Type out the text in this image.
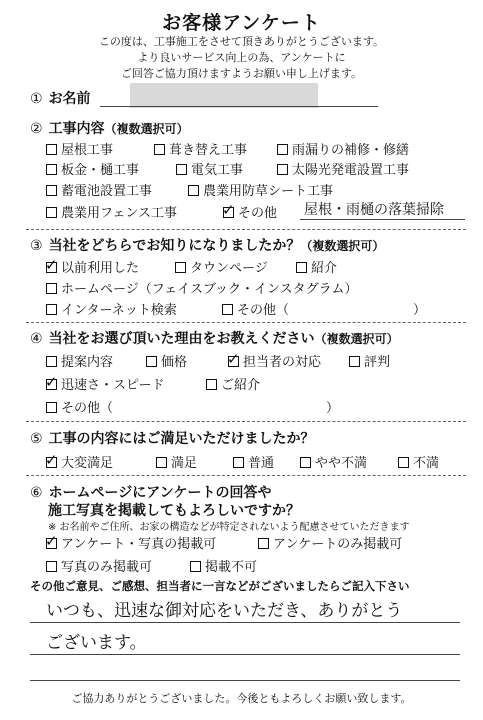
お客様アンケート
この度は、工事施工をさせて頂きありがとうございます。
より良いサービス向上の為、アンケートに
ご回答ご協力頂けますようお願い申し上げます。
① お名前
② 工事内容（複数選択可）
屋根工事	葺き替え工事	雨漏りの補修・修繕
板金・樋工事	電気工事	太陽光発電設置工事
蓄電池設置工事	農業用防草シート工事
農業用フェンス工事	✓ その他 屋根・雨樋の落葉掃除
③ 当社をどちらでお知りになりましたか？（複数選択可）
✓ 以前利用した	タウンページ	紹介
ホームページ（フェイスブック・インスタグラム）
インターネット検索	その他（	）
④ 当社をお選び頂いた理由をお教えください（複数選択可）
提案内容	価格	✓ 担当者の対応	評判
✓ 迅速さ・スピード	ご紹介
その他（	）
⑤ 工事の内容にはご満足いただけましたか？
✓ 大変満足	満足	普通	やや不満	不満
⑥ ホームページにアンケートの回答や
施工写真を掲載してもよろしいですか？
※ お名前やご住所、お家の構造などが特定されないよう配慮させていただきます
✓ アンケート・写真の掲載可	アンケートのみ掲載可
写真のみ掲載可	掲載不可
その他ご意見、ご感想、担当者に一言などがございましたらご記入下さい
いつも、迅速な御対応をいただき、ありがとう
ございます。
ご協力ありがとうございました。今後ともよろしくお願い致します。
